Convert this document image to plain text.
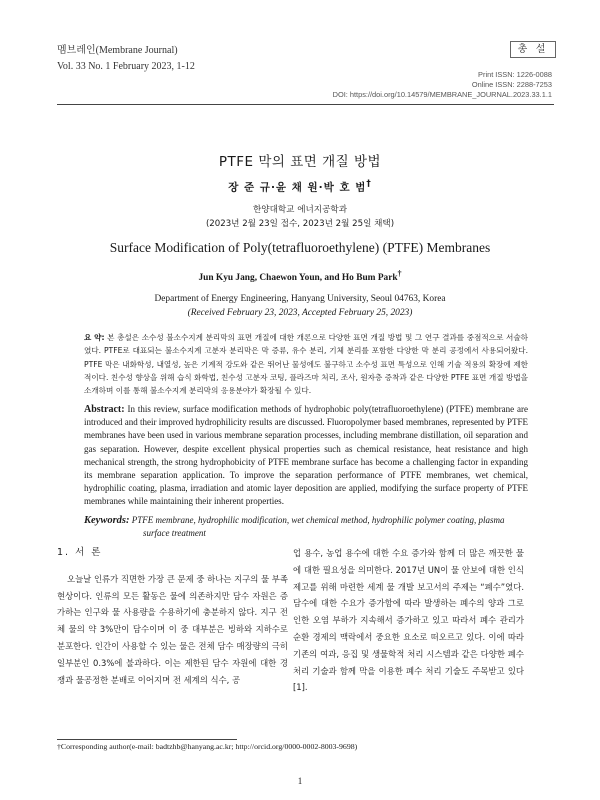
멤브레인(Membrane Journal)
Vol. 33 No. 1 February 2023, 1-12
총 설
Print ISSN: 1226-0088
Online ISSN: 2288-7253
DOI: https://doi.org/10.14579/MEMBRANE_JOURNAL.2023.33.1.1
PTFE 막의 표면 개질 방법
장 준 규·윤 채 원·박 호 범†
한양대학교 에너지공학과
(2023년 2월 23일 접수, 2023년 2월 25일 채택)
Surface Modification of Poly(tetrafluoroethylene) (PTFE) Membranes
Jun Kyu Jang, Chaewon Youn, and Ho Bum Park†
Department of Energy Engineering, Hanyang University, Seoul 04763, Korea
(Received February 23, 2023, Accepted February 25, 2023)
요 약: 본 총설은 소수성 불소수지계 분리막의 표면 개질에 대한 개론으로 다양한 표면 개질 방법 및 그 연구 결과를 중점적으로 서술하였다. PTFE로 대표되는 불소수지계 고분자 분리막은 막 증류, 유수 분리, 기체 분리를 포함한 다양한 막 분리 공정에서 사용되어왔다. PTFE 막은 내화학성, 내열성, 높은 기계적 강도와 같은 뛰어난 물성에도 불구하고 소수성 표면 특성으로 인해 기술 적용의 확장에 제한적이다. 친수성 향상을 위해 습식 화학법, 친수성 고분자 코팅, 플라즈마 처리, 조사, 원자층 증착과 같은 다양한 PTFE 표면 개질 방법을 소개하며 이를 통해 불소수지계 분리막의 응용분야가 확장될 수 있다.
Abstract: In this review, surface modification methods of hydrophobic poly(tetrafluoroethylene) (PTFE) membrane are introduced and their improved hydrophilicity results are discussed. Fluoropolymer based membranes, represented by PTFE membranes have been used in various membrane separation processes, including membrane distillation, oil separation and gas separation. However, despite excellent physical properties such as chemical resistance, heat resistance and high mechanical strength, the strong hydrophobicity of PTFE membrane surface has become a challenging factor in expanding its membrane separation application. To improve the separation performance of PTFE membranes, wet chemical, hydrophilic coating, plasma, irradiation and atomic layer deposition are applied, modifying the surface property of PTFE membranes while maintaining their inherent properties.
Keywords: PTFE membrane, hydrophilic modification, wet chemical method, hydrophilic polymer coating, plasma
surface treatment
1. 서 론

오늘날 인류가 직면한 가장 큰 문제 중 하나는 지구의 물 부족 현상이다. 인류의 모든 활동은 물에 의존하지만 담수 자원은 증가하는 인구와 물 사용량을 수용하기에 충분하지 않다. 지구 전체 물의 약 3%만이 담수이며 이 중 대부분은 빙하와 지하수로 분포한다. 인간이 사용할 수 있는 물은 전체 담수 매장량의 극히 일부분인 0.3%에 불과하다. 이는 제한된 담수 자원에 대한 경쟁과 물공정한 분배로 이어지며 전 세계의 식수, 공

업 용수, 농업 용수에 대한 수요 증가와 함께 더 많은 깨끗한 물에 대한 필요성을 의미한다. 2017년 UN이 물 안보에 대한 인식 제고를 위해 마련한 세계 물 개발 보고서의 주제는 “폐수”였다. 담수에 대한 수요가 증가함에 따라 발생하는 폐수의 양과 그로 인한 오염 부하가 지속해서 증가하고 있고 따라서 폐수 관리가 순환 경제의 맥락에서 중요한 요소로 떠오르고 있다. 이에 따라 기존의 여과, 응집 및 생물학적 처리 시스템과 같은 다양한 폐수 처리 기술과 함께 막을 이용한 폐수 처리 기술도 주목받고 있다[1].

†Corresponding author(e-mail: badtzhb@hanyang.ac.kr; http://orcid.org/0000-0002-8003-9698)
1
